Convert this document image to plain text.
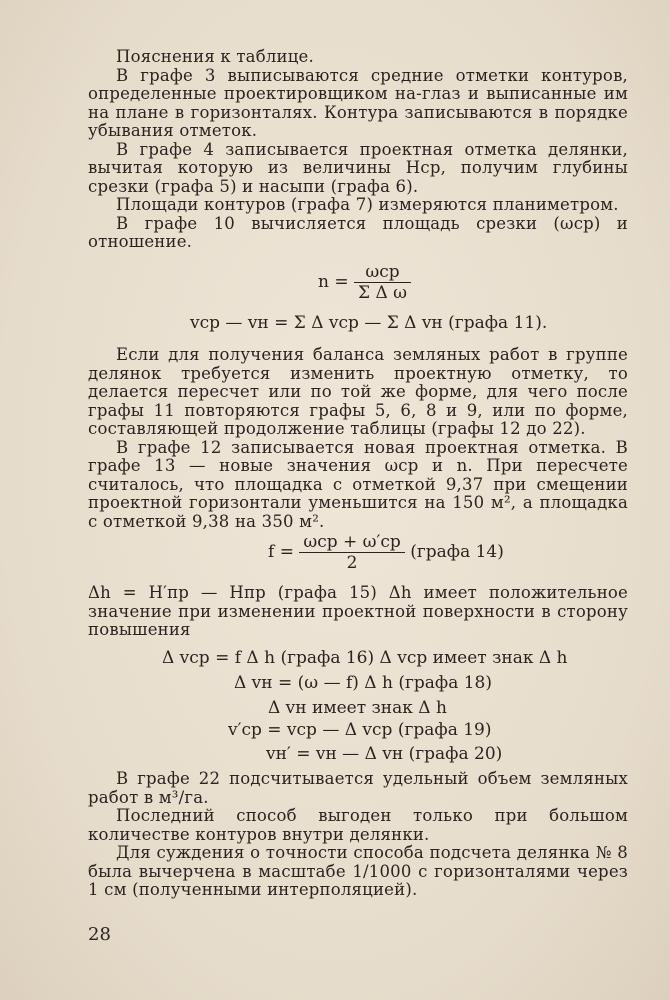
Пояснения к таблице.

В графе 3 выписываются средние отметки контуров, определенные проектировщиком на-глаз и выписанные им на плане в горизонталях. Контура записываются в порядке убывания отметок.

В графе 4 записывается проектная отметка делянки, вычитая которую из величины Hср, получим глубины срезки (графа 5) и насыпи (графа 6).

Площади контуров (графа 7) измеряются планиметром.

В графе 10 вычисляется площадь срезки (ωср) и отношение.

$n = \frac{\text{ωср}}{\text{Σ Δ ω}}$
vср — vн = Σ Δ vср — Σ Δ vн (графа 11).

Если для получения баланса земляных работ в группе делянок требуется изменить проектную отметку, то делается пересчет или по той же форме, для чего после графы 11 повторяются графы 5, 6, 8 и 9, или по форме, составляющей продолжение таблицы (графы 12 до 22).

В графе 12 записывается новая проектная отметка. В графе 13 — новые значения ωср и n. При пересчете считалось, что площадка с отметкой 9,37 при смещении проектной горизонтали уменьшится на 150 м², а площадка с отметкой 9,38 на 350 м².

$f = \frac{\text{ωср + ω′ср}}{2}$ (графа 14)

Δh = H′пр — Hпр (графа 15) Δh имеет положительное значение при изменении проектной поверхности в сторону повышения

Δ vср = f Δ h (графа 16) Δ vср имеет знак Δ h
Δ vн = (ω — f) Δ h (графа 18)
Δ vн имеет знак Δ h
v′ср = vср — Δ vср (графа 19)
vн′ = vн — Δ vн (графа 20)

В графе 22 подсчитывается удельный объем земляных работ в м³/га.

Последний способ выгоден только при большом количестве контуров внутри делянки.

Для суждения о точности способа подсчета делянка № 8 была вычерчена в масштабе 1/1000 с горизонталями через 1 см (полученными интерполяцией).

28
